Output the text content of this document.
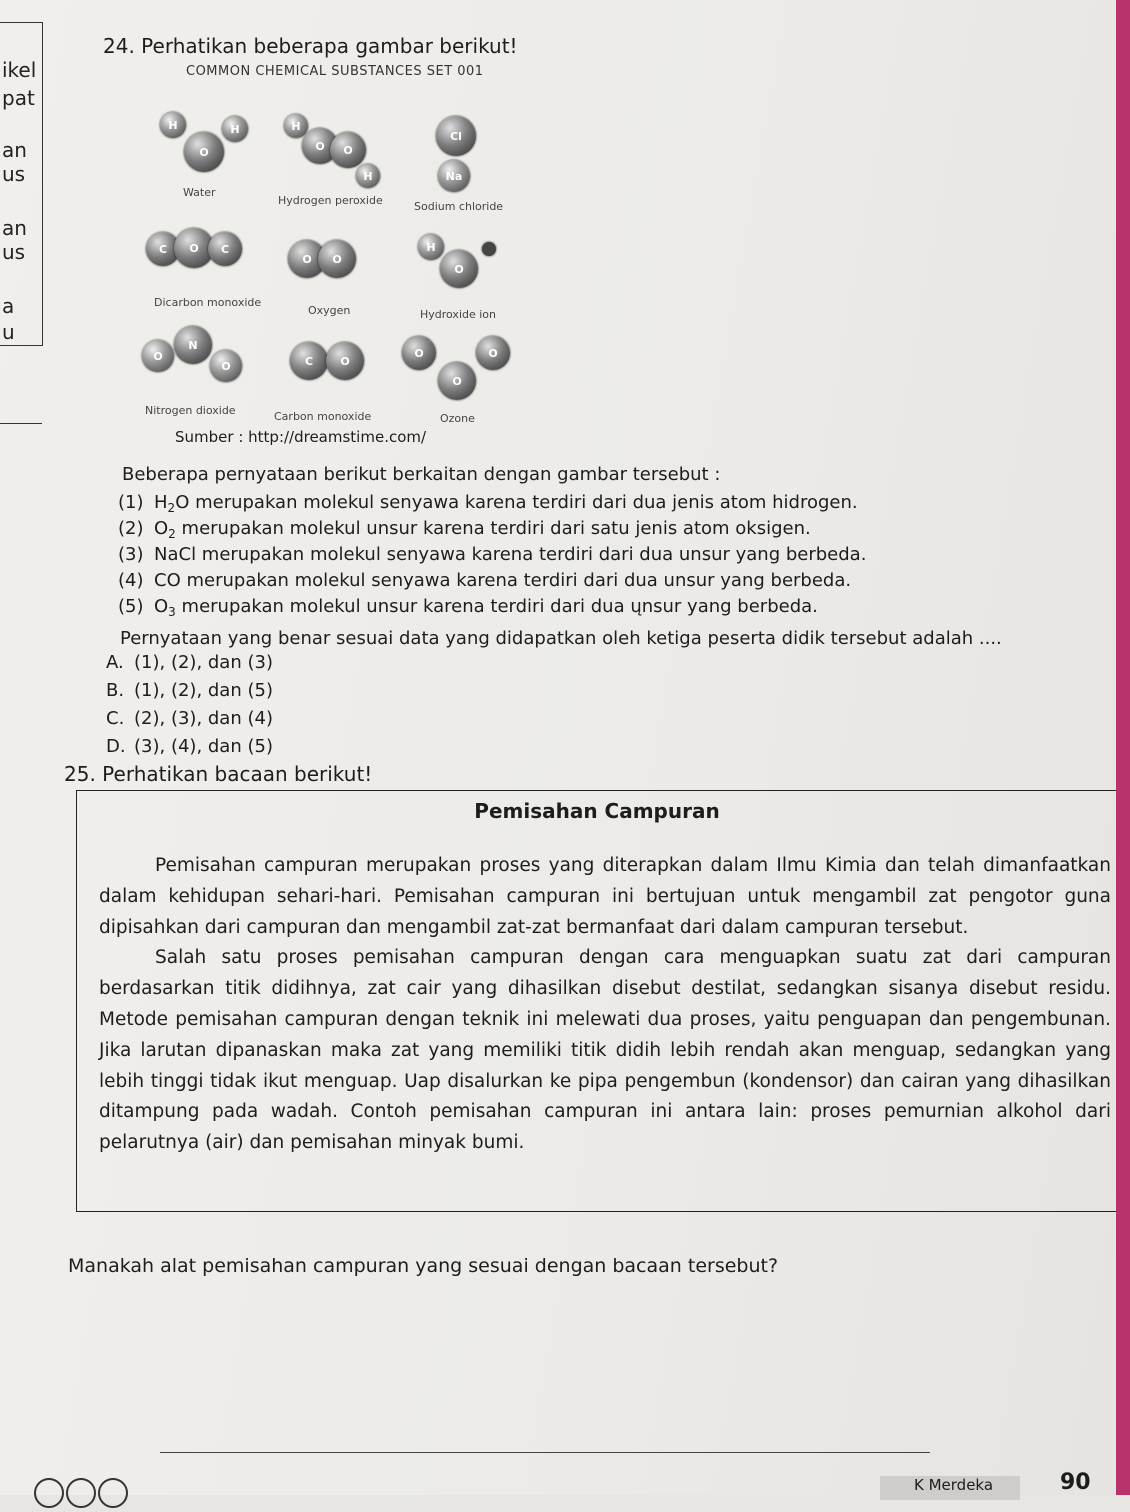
ikel
pat
an
us
an
us
a
u
24. Perhatikan beberapa gambar berikut!
COMMON CHEMICAL SUBSTANCES SET 001
H	H
O
Water
H
O	O
H
Hydrogen peroxide
Cl
Na
Sodium chloride
C	O	C
Dicarbon monoxide
O	O
Oxygen
H
O
Hydroxide ion
O
N
O
Nitrogen dioxide
C	O
Carbon monoxide
O	O
O
Ozone
Sumber : http://dreamstime.com/
Beberapa pernyataan berikut berkaitan dengan gambar tersebut :
(1) $H_2O$ merupakan molekul senyawa karena terdiri dari dua jenis atom hidrogen.
(2) $O_2$ merupakan molekul unsur karena terdiri dari satu jenis atom oksigen.
(3) NaCl merupakan molekul senyawa karena terdiri dari dua unsur yang berbeda.
(4) CO merupakan molekul senyawa karena terdiri dari dua unsur yang berbeda.
(5) $O_3$ merupakan molekul unsur karena terdiri dari dua ųnsur yang berbeda.
Pernyataan yang benar sesuai data yang didapatkan oleh ketiga peserta didik tersebut adalah ....
A. (1), (2), dan (3)
B. (1), (2), dan (5)
C. (2), (3), dan (4)
D. (3), (4), dan (5)
25. Perhatikan bacaan berikut!
Pemisahan Campuran

Pemisahan campuran merupakan proses yang diterapkan dalam Ilmu Kimia dan telah dimanfaatkan dalam kehidupan sehari-hari. Pemisahan campuran ini bertujuan untuk mengambil zat pengotor guna dipisahkan dari campuran dan mengambil zat-zat bermanfaat dari dalam campuran tersebut.

Salah satu proses pemisahan campuran dengan cara menguapkan suatu zat dari campuran berdasarkan titik didihnya, zat cair yang dihasilkan disebut destilat, sedangkan sisanya disebut residu. Metode pemisahan campuran dengan teknik ini melewati dua proses, yaitu penguapan dan pengembunan. Jika larutan dipanaskan maka zat yang memiliki titik didih lebih rendah akan menguap, sedangkan yang lebih tinggi tidak ikut menguap. Uap disalurkan ke pipa pengembun (kondensor) dan cairan yang dihasilkan ditampung pada wadah. Contoh pemisahan campuran ini antara lain: proses pemurnian alkohol dari pelarutnya (air) dan pemisahan minyak bumi.

Manakah alat pemisahan campuran yang sesuai dengan bacaan tersebut?
K Merdeka	90
